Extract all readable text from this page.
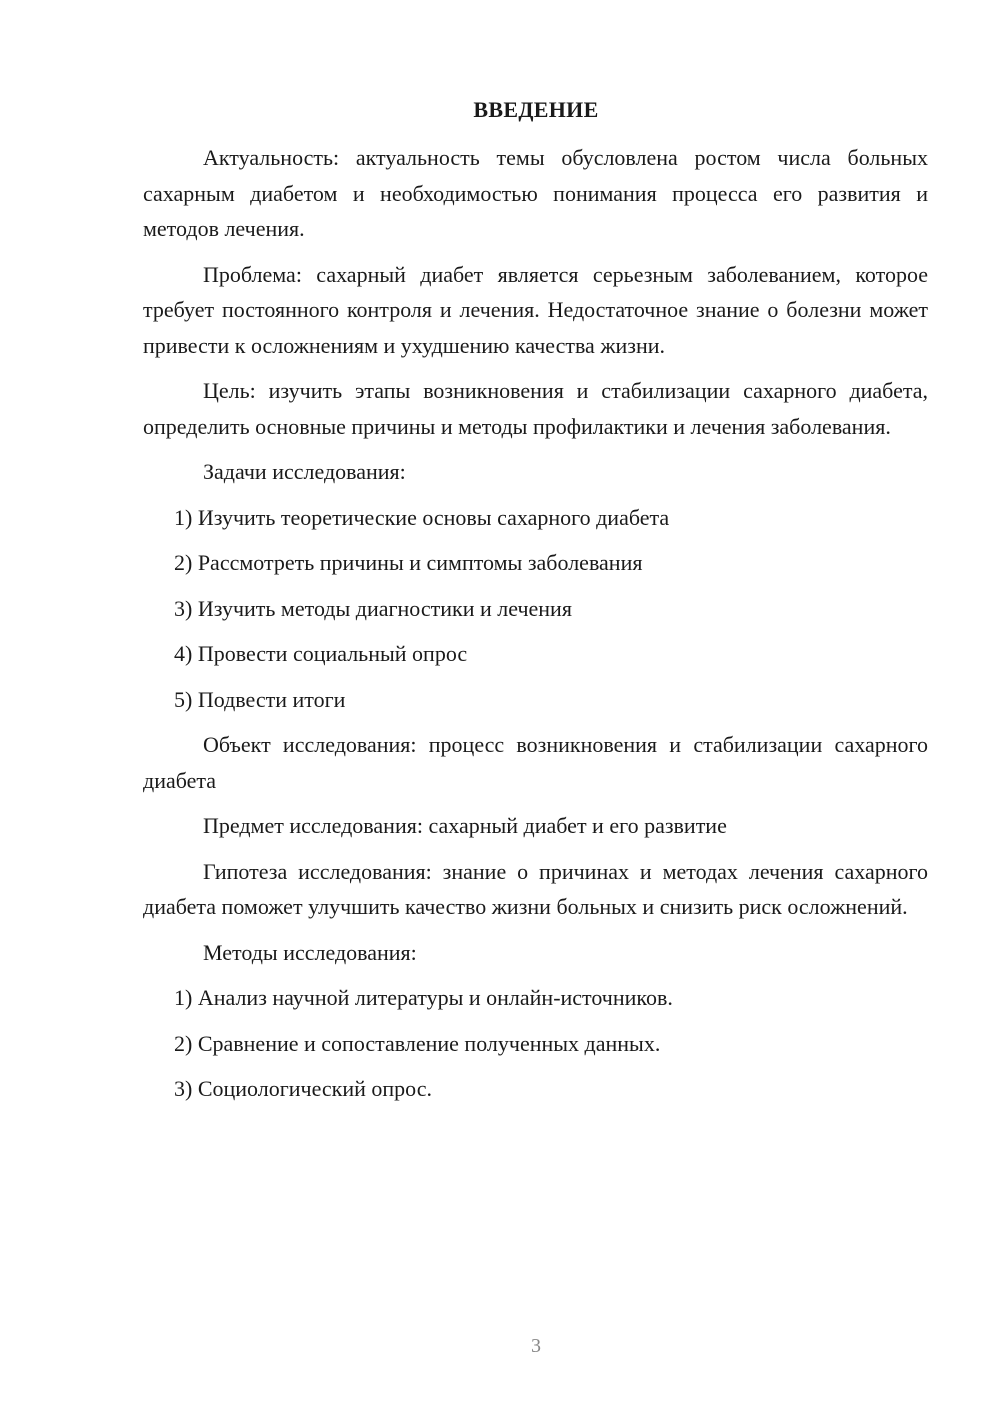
ВВЕДЕНИЕ

Актуальность: актуальность темы обусловлена ростом числа больных сахарным диабетом и необходимостью понимания процесса его развития и методов лечения.

Проблема: сахарный диабет является серьезным заболеванием, которое требует постоянного контроля и лечения. Недостаточное знание о болезни может привести к осложнениям и ухудшению качества жизни.

Цель: изучить этапы возникновения и стабилизации сахарного диабета, определить основные причины и методы профилактики и лечения заболевания.

Задачи исследования:

1) Изучить теоретические основы сахарного диабета

2) Рассмотреть причины и симптомы заболевания

3) Изучить методы диагностики и лечения

4) Провести социальный опрос

5) Подвести итоги

Объект исследования: процесс возникновения и стабилизации сахарного диабета

Предмет исследования: сахарный диабет и его развитие

Гипотеза исследования: знание о причинах и методах лечения сахарного диабета поможет улучшить качество жизни больных и снизить риск осложнений.

Методы исследования:

1) Анализ научной литературы и онлайн-источников.

2) Сравнение и сопоставление полученных данных.

3) Социологический опрос.

3
